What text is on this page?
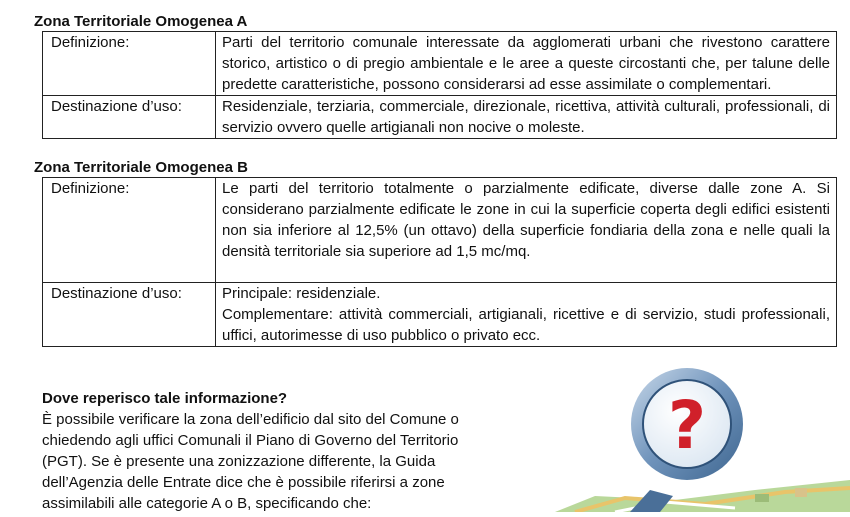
Zona Territoriale Omogenea A
Definizione:	Parti del territorio comunale interessate da agglomerati urbani che rivestono carattere storico, artistico o di pregio ambientale e le aree a queste circostanti che, per talune delle predette caratteristiche, possono considerarsi ad esse assimilate o complementari.
Destinazione d’uso:	Residenziale, terziaria, commerciale, direzionale, ricettiva, attività culturali, professionali, di servizio ovvero quelle artigianali non nocive o moleste.
Zona Territoriale Omogenea B
Definizione:	Le parti del territorio totalmente o parzialmente edificate, diverse dalle zone A. Si considerano parzialmente edificate le zone in cui la superficie coperta degli edifici esistenti non sia inferiore al 12,5% (un ottavo) della superficie fondiaria della zona e nelle quali la densità territoriale sia superiore ad 1,5 mc/mq.
Destinazione d’uso:	Principale: residenziale.
Complementare: attività commerciali, artigianali, ricettive e di servizio, studi professionali, uffici, autorimesse di uso pubblico o privato ecc.
Dove reperisco tale informazione?
È possibile verificare la zona dell’edificio dal sito del Comune o chiedendo agli uffici Comunali il Piano di Governo del Territorio (PGT). Se è presente una zonizzazione differente, la Guida dell’Agenzia delle Entrate dice che è possibile riferirsi a zone assimilabili alle categorie A o B, specificando che:
?
